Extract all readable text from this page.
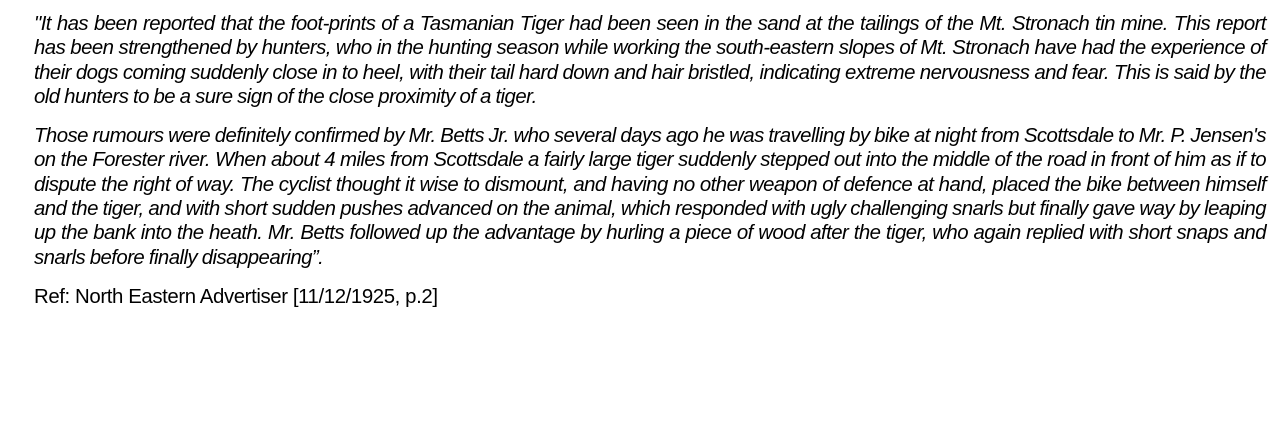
"It has been reported that the foot-prints of a Tasmanian Tiger had been seen in the sand at the tailings of the Mt. Stronach tin mine. This report has been strengthened by hunters, who in the hunting season while working the south-eastern slopes of Mt. Stronach have had the experience of their dogs coming suddenly close in to heel, with their tail hard down and hair bristled, indicating extreme nervousness and fear. This is said by the old hunters to be a sure sign of the close proximity of a tiger.

Those rumours were definitely confirmed by Mr. Betts Jr. who several days ago he was travelling by bike at night from Scottsdale to Mr. P. Jensen's on the Forester river. When about 4 miles from Scottsdale a fairly large tiger suddenly stepped out into the middle of the road in front of him as if to dispute the right of way. The cyclist thought it wise to dismount, and having no other weapon of defence at hand, placed the bike between himself and the tiger, and with short sudden pushes advanced on the animal, which responded with ugly challenging snarls but finally gave way by leaping up the bank into the heath. Mr. Betts followed up the advantage by hurling a piece of wood after the tiger, who again replied with short snaps and snarls before finally disappearing”.

Ref: North Eastern Advertiser [11/12/1925, p.2]
